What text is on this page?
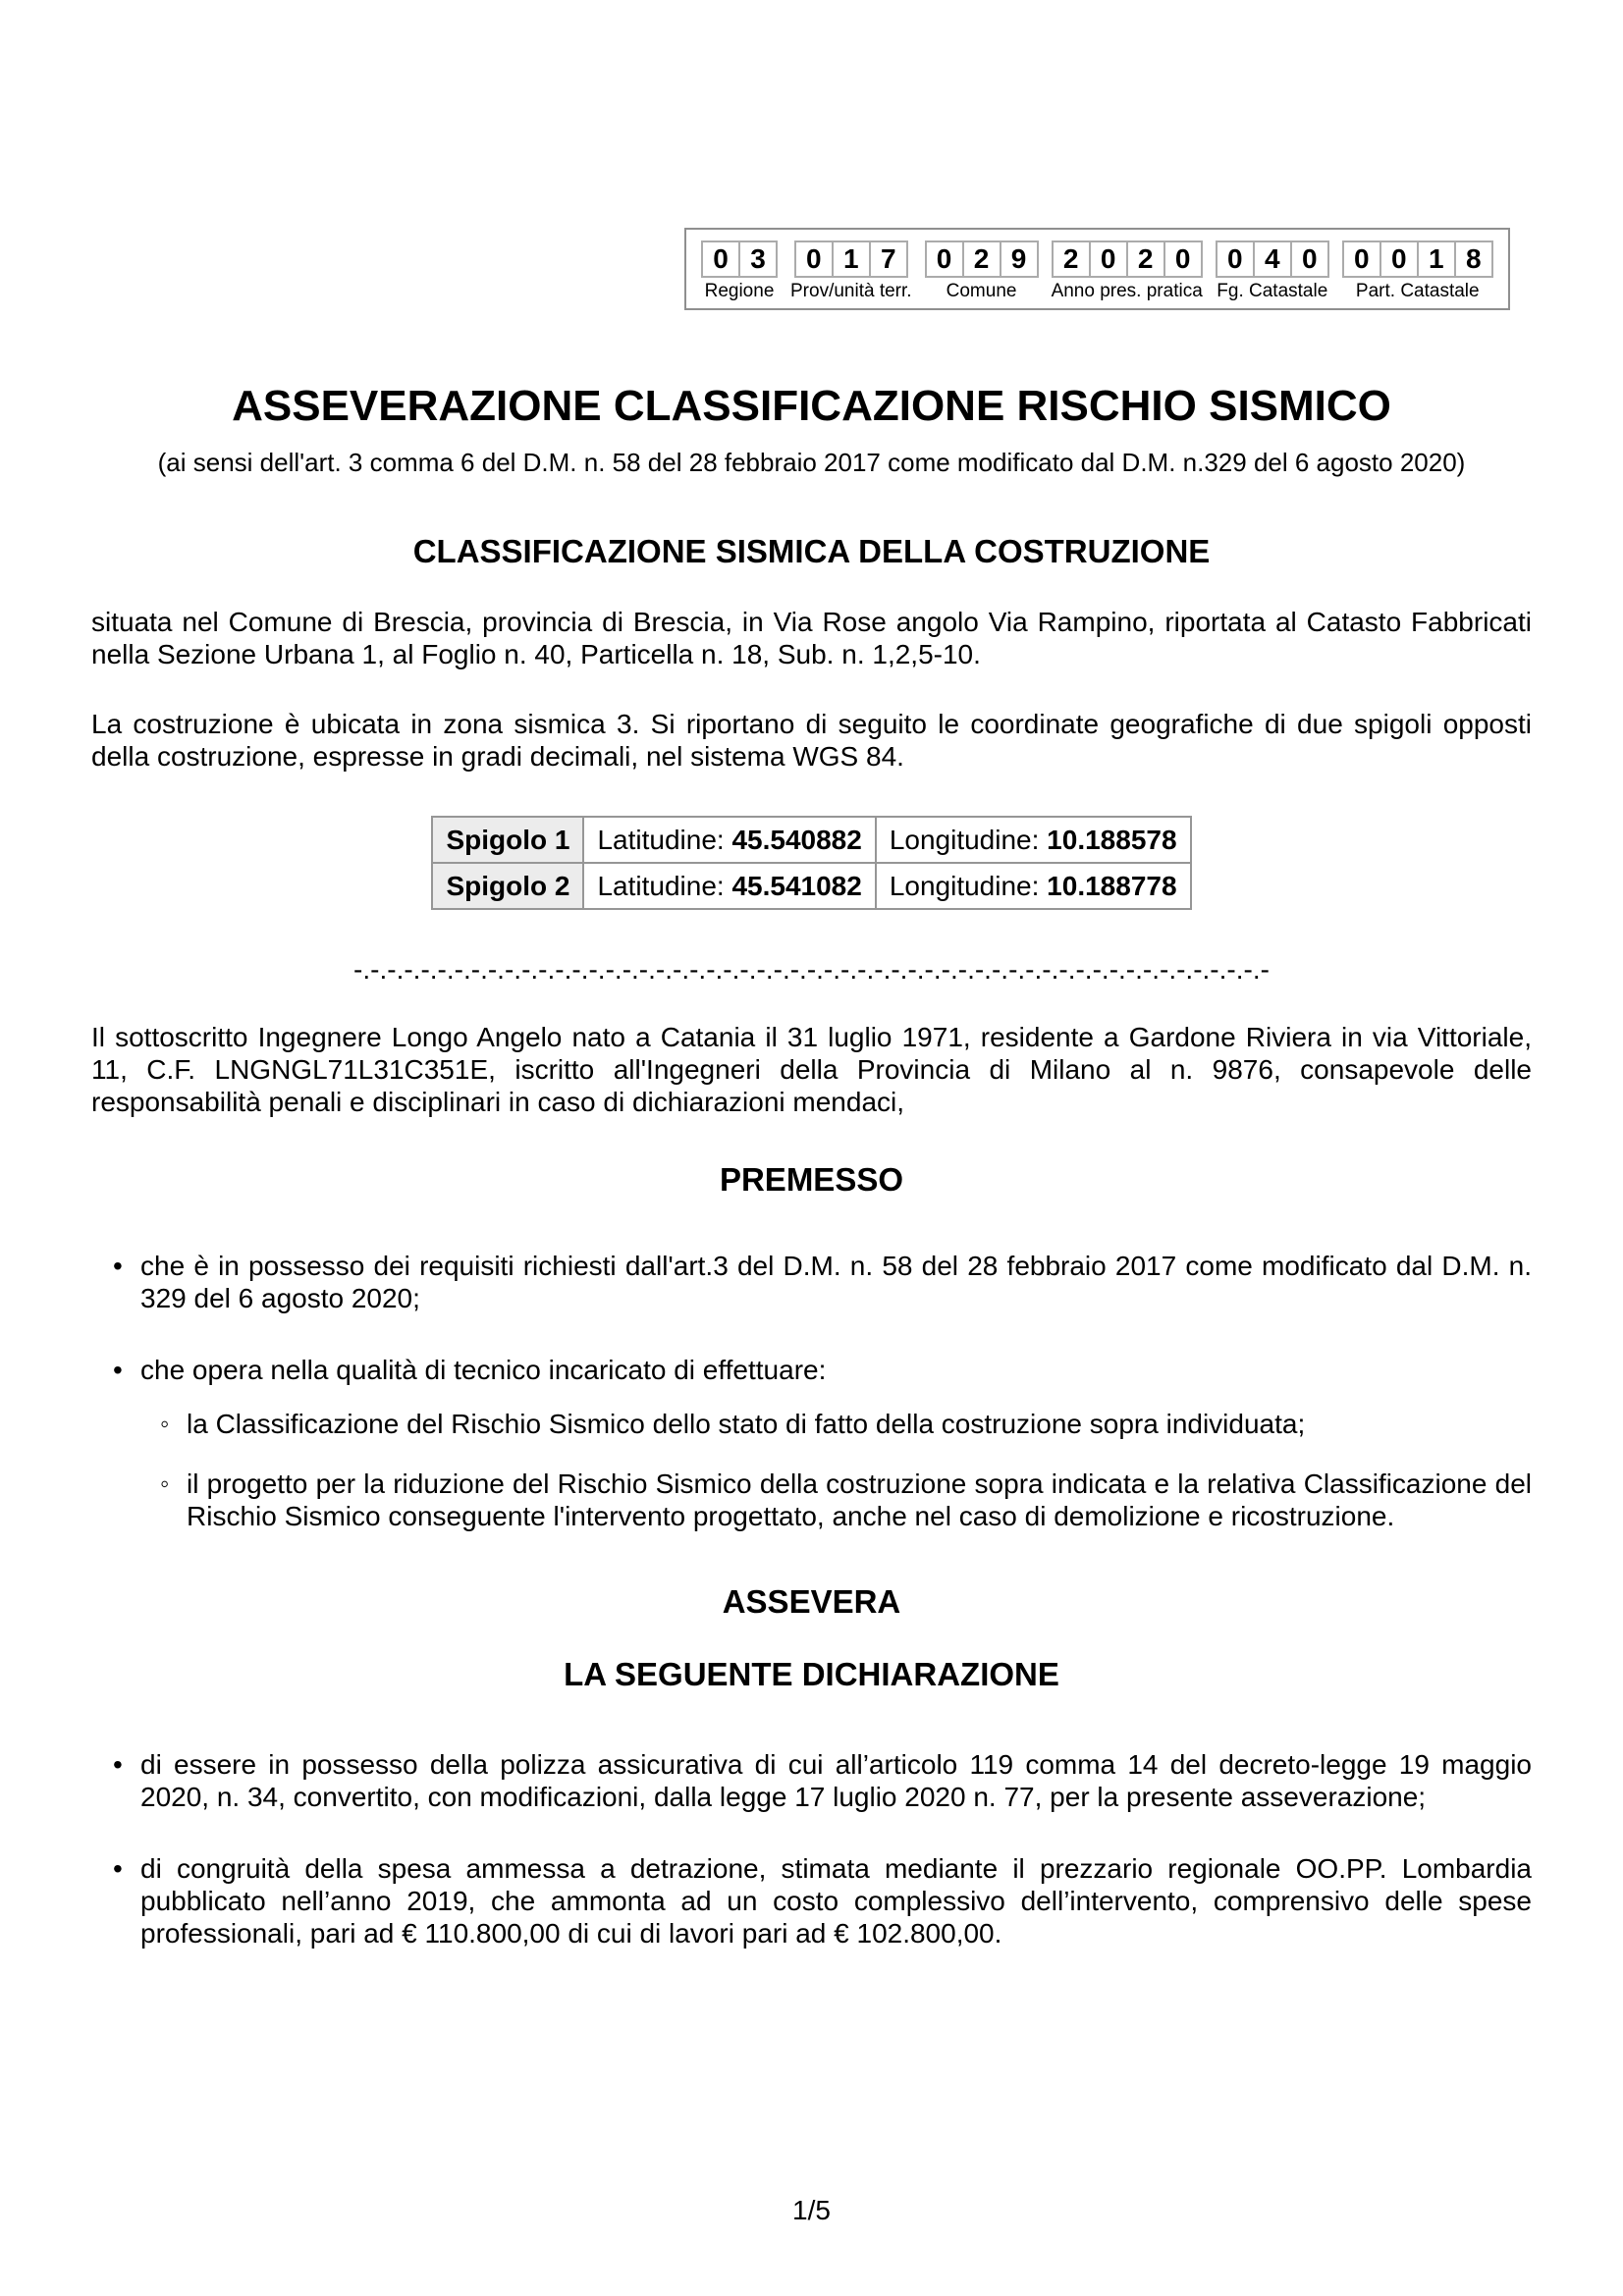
0 3
Regione
0 1 7
Prov/unità terr.
0 2 9
Comune
2 0 2 0
Anno pres. pratica
0 4 0
Fg. Catastale
0 0 1 8
Part. Catastale
ASSEVERAZIONE CLASSIFICAZIONE RISCHIO SISMICO
(ai sensi dell'art. 3 comma 6 del D.M. n. 58 del 28 febbraio 2017 come modificato dal D.M. n.329 del 6 agosto 2020)
CLASSIFICAZIONE SISMICA DELLA COSTRUZIONE
situata nel Comune di Brescia, provincia di Brescia, in Via Rose angolo Via Rampino, riportata al Catasto Fabbricati nella Sezione Urbana 1, al Foglio n. 40, Particella n. 18, Sub. n. 1,2,5-10.
La costruzione è ubicata in zona sismica 3. Si riportano di seguito le coordinate geografiche di due spigoli opposti della costruzione, espresse in gradi decimali, nel sistema WGS 84.
Spigolo 1	Latitudine: 45.540882	Longitudine: 10.188578
Spigolo 2	Latitudine: 45.541082	Longitudine: 10.188778
-.-.-.-.-.-.-.-.-.-.-.-.-.-.-.-.-.-.-.-.-.-.-.-.-.-.-.-.-.-.-.-.-.-.-.-.-.-.-.-.-.-.-.-.-.-.-.-.-.-.-.-.-.-.-
Il sottoscritto Ingegnere Longo Angelo nato a Catania il 31 luglio 1971, residente a Gardone Riviera in via Vittoriale, 11, C.F. LNGNGL71L31C351E, iscritto all'Ingegneri della Provincia di Milano al n. 9876, consapevole delle responsabilità penali e disciplinari in caso di dichiarazioni mendaci,
PREMESSO
• che è in possesso dei requisiti richiesti dall'art.3 del D.M. n. 58 del 28 febbraio 2017 come modificato dal D.M. n. 329 del 6 agosto 2020;
• che opera nella qualità di tecnico incaricato di effettuare:
◦ la Classificazione del Rischio Sismico dello stato di fatto della costruzione sopra individuata;
◦ il progetto per la riduzione del Rischio Sismico della costruzione sopra indicata e la relativa Classificazione del Rischio Sismico conseguente l'intervento progettato, anche nel caso di demolizione e ricostruzione.
ASSEVERA
LA SEGUENTE DICHIARAZIONE
• di essere in possesso della polizza assicurativa di cui all’articolo 119 comma 14 del decreto-legge 19 maggio 2020, n. 34, convertito, con modificazioni, dalla legge 17 luglio 2020 n. 77, per la presente asseverazione;
• di congruità della spesa ammessa a detrazione, stimata mediante il prezzario regionale OO.PP. Lombardia pubblicato nell’anno 2019, che ammonta ad un costo complessivo dell’intervento, comprensivo delle spese professionali, pari ad € 110.800,00 di cui di lavori pari ad € 102.800,00.
1/5
